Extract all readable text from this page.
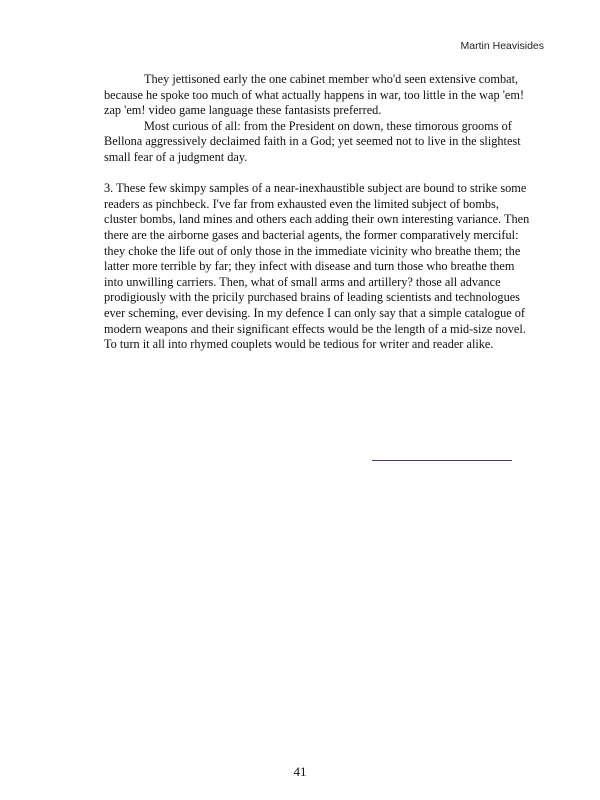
Martin Heavisides

They jettisoned early the one cabinet member who'd seen extensive combat, because he spoke too much of what actually happens in war, too little in the wap 'em! zap 'em! video game language these fantasists preferred.

Most curious of all: from the President on down, these timorous grooms of Bellona aggressively declaimed faith in a God; yet seemed not to live in the slightest small fear of a judgment day.

3. These few skimpy samples of a near-inexhaustible subject are bound to strike some readers as pinchbeck. I've far from exhausted even the limited subject of bombs, cluster bombs, land mines and others each adding their own interesting variance. Then there are the airborne gases and bacterial agents, the former comparatively merciful: they choke the life out of only those in the immediate vicinity who breathe them; the latter more terrible by far; they infect with disease and turn those who breathe them into unwilling carriers. Then, what of small arms and artillery? those all advance prodigiously with the pricily purchased brains of leading scientists and technologues ever scheming, ever devising. In my defence I can only say that a simple catalogue of modern weapons and their significant effects would be the length of a mid-size novel. To turn it all into rhymed couplets would be tedious for writer and reader alike.

41
